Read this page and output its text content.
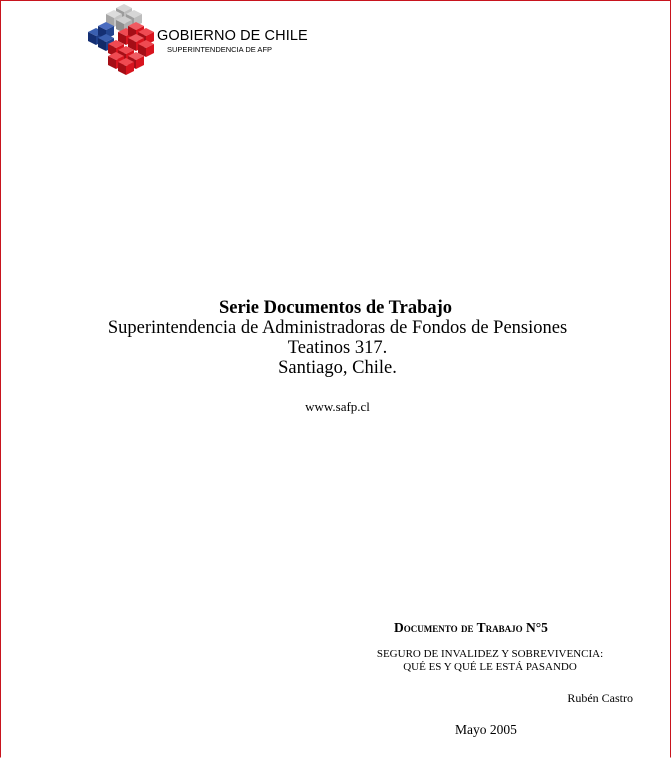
GOBIERNO DE CHILE
SUPERINTENDENCIA DE AFP
Serie Documentos de Trabajo
Superintendencia de Administradoras de Fondos de Pensiones
Teatinos 317.
Santiago, Chile.
www.safp.cl
Documento de Trabajo N°5
SEGURO DE INVALIDEZ Y SOBREVIVENCIA:
QUÉ ES Y QUÉ LE ESTÁ PASANDO
Rubén Castro
Mayo 2005
